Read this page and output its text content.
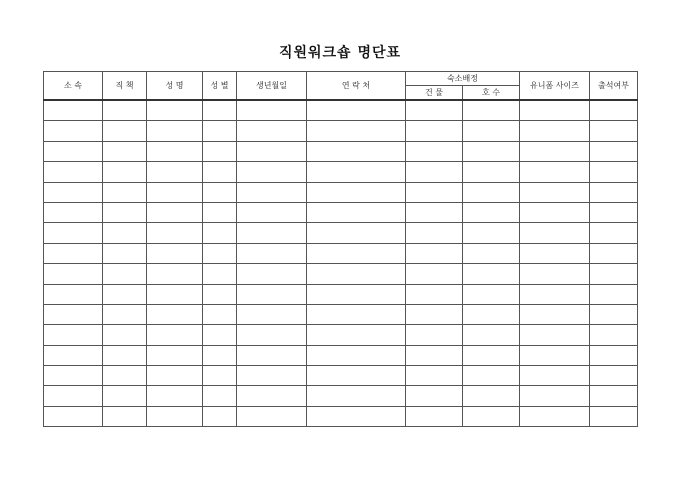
직원워크숍 명단표
소 속	직 책	성 명	성 별	생년월일	연 락 처	숙소배정		유니폼 사이즈	출석여부
						건 물	호 수		
